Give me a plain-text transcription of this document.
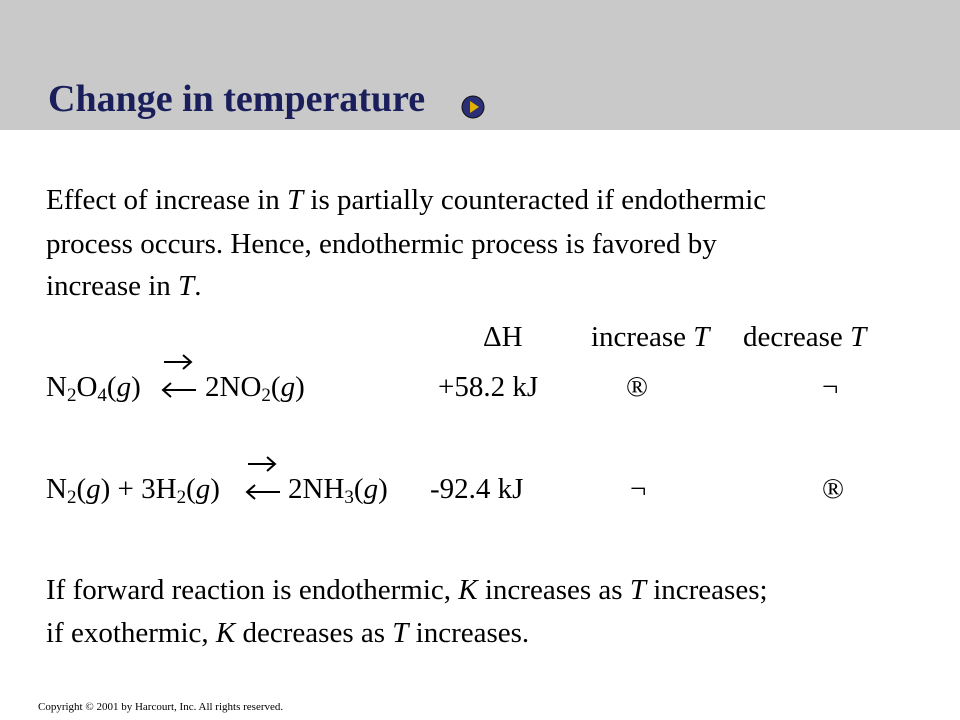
Change in temperature
Effect of increase in T is partially counteracted if endothermic
process occurs. Hence, endothermic process is favored by
increase in T.
ΔH increase T decrease T
$N_2O_4(g)$ $2NO_2(g)$	+58.2 kJ	®	¬
$N_2(g) + 3H_2(g)$ $2NH_3(g)$ -92.4 kJ	¬	®
If forward reaction is endothermic, K increases as T increases;
if exothermic, K decreases as T increases.
Copyright © 2001 by Harcourt, Inc. All rights reserved.
